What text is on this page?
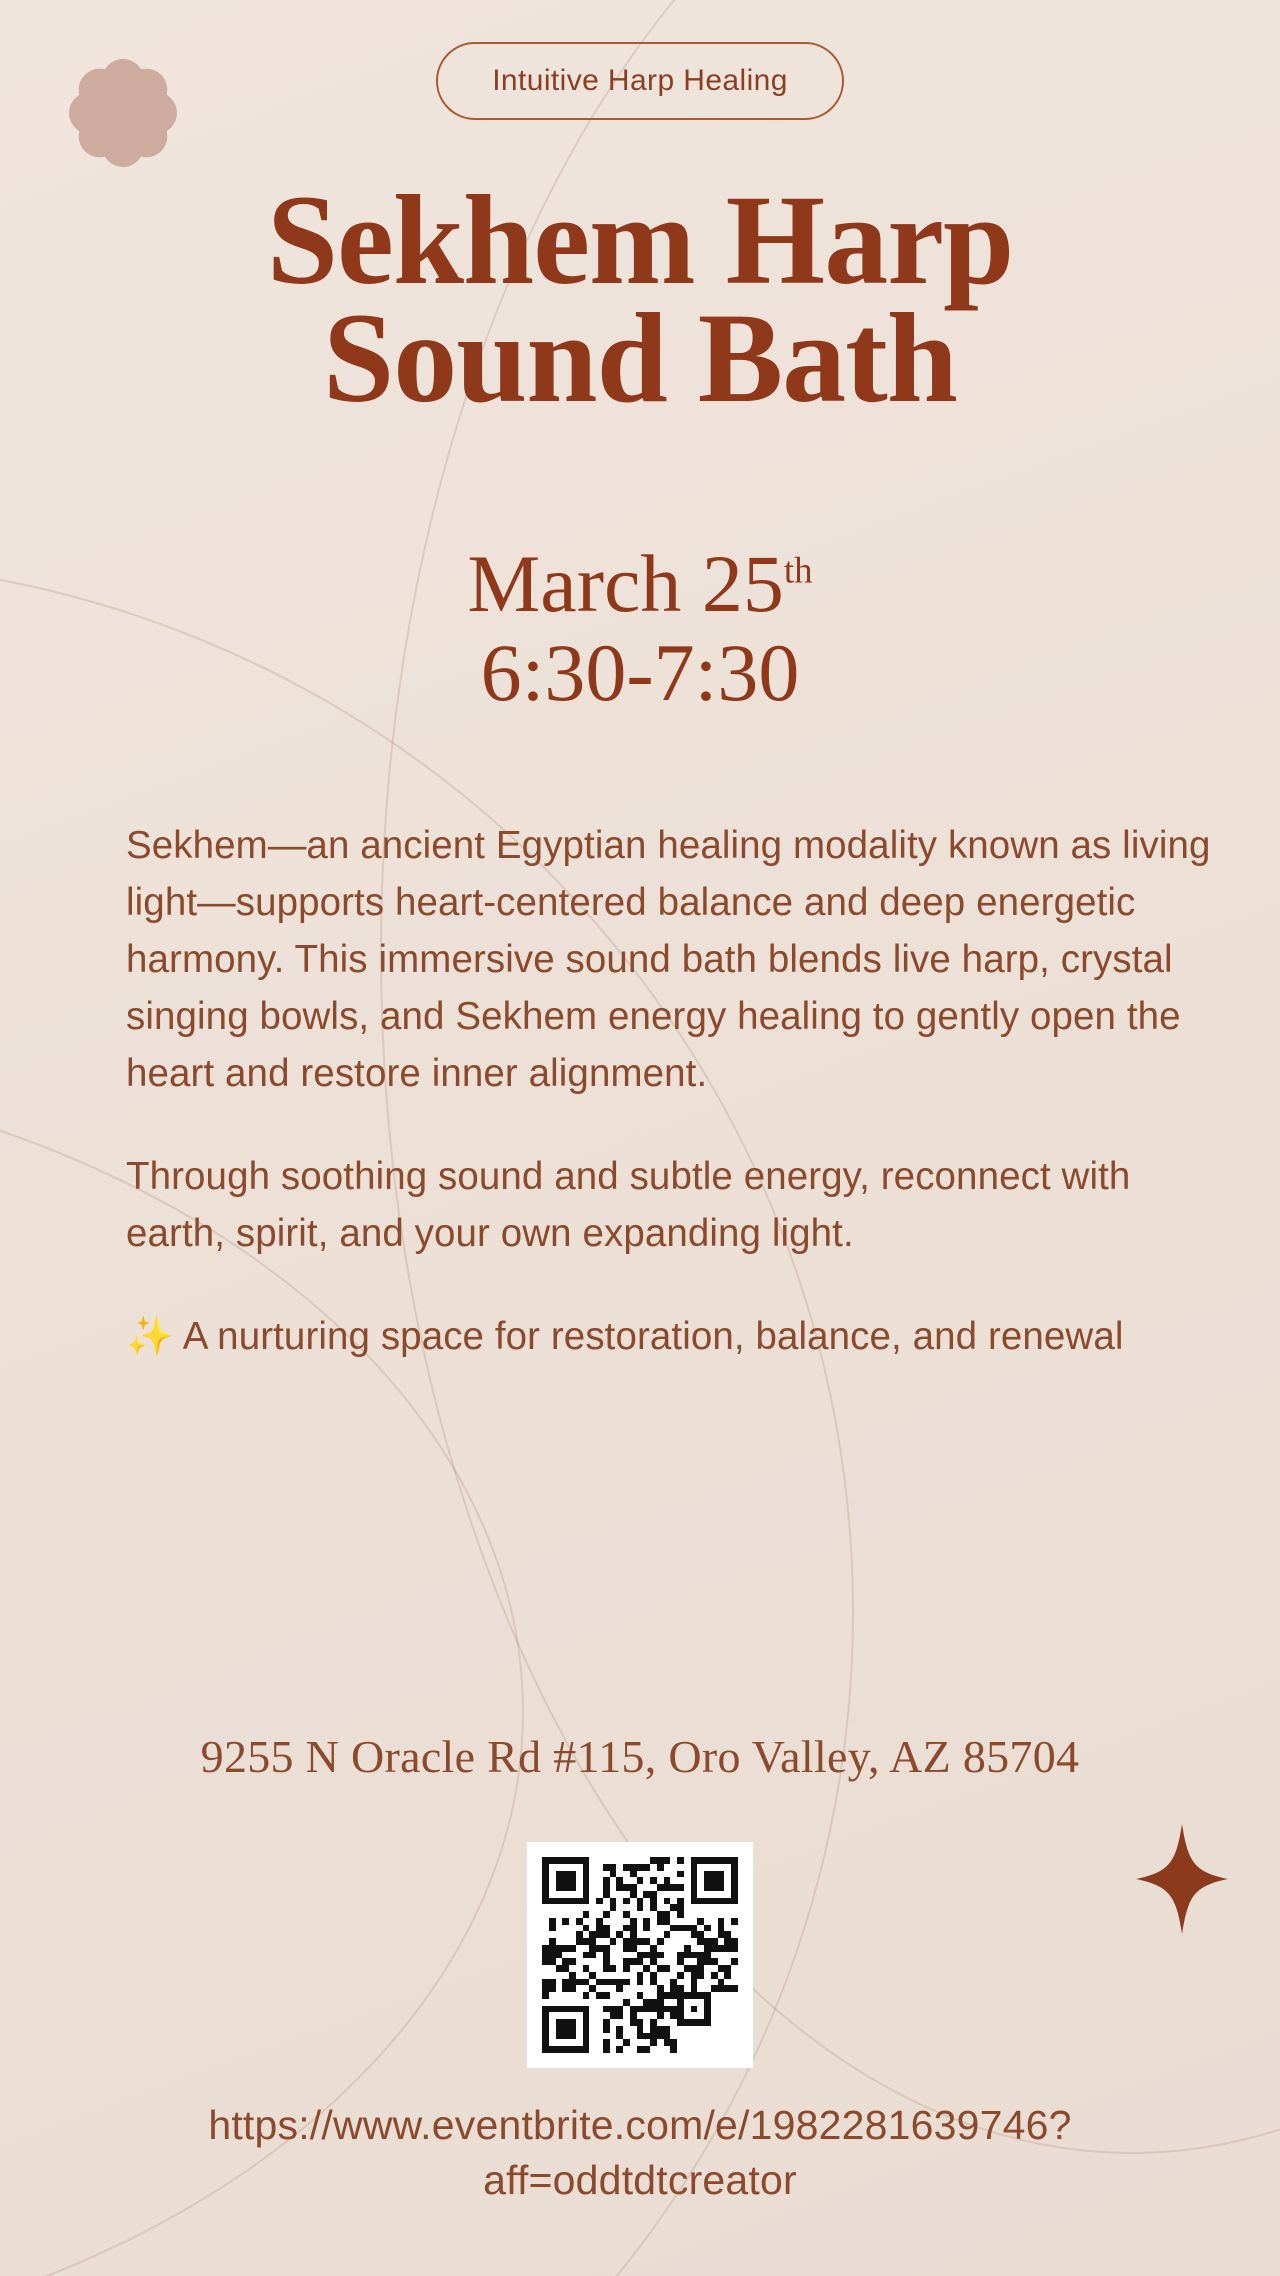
Intuitive Harp Healing
Sekhem Harp
Sound Bath
March 25th
6:30-7:30

Sekhem—an ancient Egyptian healing modality known as living light—supports heart-centered balance and deep energetic harmony. This immersive sound bath blends live harp, crystal singing bowls, and Sekhem energy healing to gently open the heart and restore inner alignment.

Through soothing sound and subtle energy, reconnect with earth, spirit, and your own expanding light.

✨ A nurturing space for restoration, balance, and renewal

9255 N Oracle Rd #115, Oro Valley, AZ 85704
https://www.eventbrite.com/e/1982281639746?aff=oddtdtcreator
